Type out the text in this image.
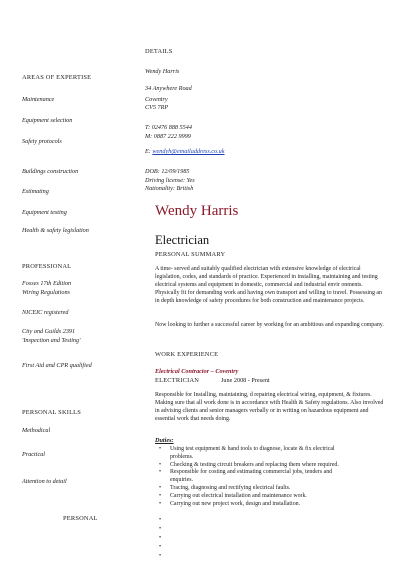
DETAILS
AREAS OF EXPERTISE
Maintenance
Equipment selection
Safety protocols
Buildings construction
Estimating
Equipment testing
Health & safety legislation
PROFESSIONAL
Fosses 17th Edition
Wiring Regulations
NICEIC registered
City and Guilds 2391
'Inspection and Testing'
First Aid and CPR qualified
PERSONAL SKILLS
Methodical
Practical
Attention to detail
PERSONAL
Wendy Harris
34 Anywhere Road
Coventry
CV5 7RP
T: 02476 888 5544
M: 0887 222 9999
E: wendyh@emailaddress.co.uk
DOB: 12/09/1985
Driving license: Yes
Nationality: British
Wendy Harris
Electrician
PERSONAL SUMMARY
A time- served and suitably qualified electrician with extensive knowledge of electrical legislation, codes, and standards of practice. Experienced in installing, maintaining and testing electrical systems and equipment in domestic, commercial and industrial envir onments. Physically fit for demanding work and having own transport and willing to travel. Possessing an in depth knowledge of safety procedures for both construction and maintenance projects.
Now looking to further a successful career by working for an ambitious and expanding company.
WORK EXPERIENCE
Electrical Contractor – Coventry
ELECTRICIAN	June 2008 - Present
Responsible for Installing, maintaining, d repairing electrical wiring, equipment, & fixtures. Making sure that all work done is in accordance with Health & Safety regulations. Also involved in advising clients and senior managers verbally or in writing on hazardous equipment and essential work that needs doing.
Duties:
• Using test equipment & hand tools to diagnose, locate & fix electrical
problems.
• Checking & testing circuit breakers and replacing them where required.
• Responsible for costing and estimating commercial jobs, tenders and
enquiries.
• Tracing, diagnosing and rectifying electrical faults.
• Carrying out electrical installation and maintenance work.
• Carrying out new project work, design and installation.
•
•
•
•
•
